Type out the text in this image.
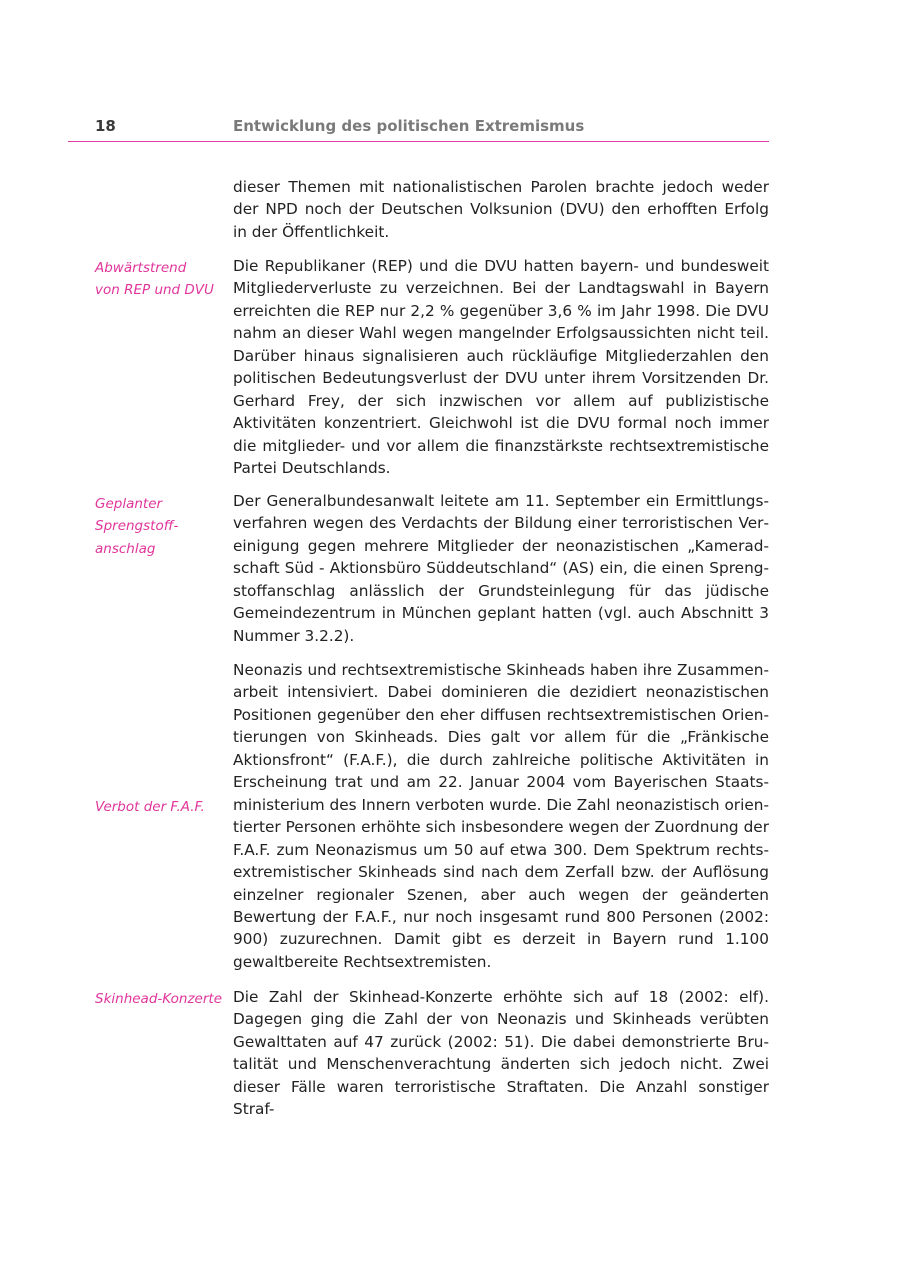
18	Entwicklung des politischen Extremismus

dieser Themen mit nationalistischen Parolen brachte jedoch weder der NPD noch der Deutschen Volksunion (DVU) den erhofften Erfolg in der Öffentlichkeit.

Abwärtstrend
von REP und DVU

Die Republikaner (REP) und die DVU hatten bayern- und bundesweit Mitgliederverluste zu verzeichnen. Bei der Landtagswahl in Bayern erreichten die REP nur 2,2 % gegenüber 3,6 % im Jahr 1998. Die DVU nahm an dieser Wahl wegen mangelnder Erfolgsaussichten nicht teil. Darüber hinaus signalisieren auch rückläufige Mitgliederzahlen den politischen Bedeutungsverlust der DVU unter ihrem Vorsitzenden Dr. Gerhard Frey, der sich inzwischen vor allem auf publizistische Aktivitäten konzentriert. Gleichwohl ist die DVU formal noch immer die mitglieder- und vor allem die finanzstärkste rechtsextremistische Partei Deutschlands.

Geplanter
Sprengstoff-
anschlag

Der Generalbundesanwalt leitete am 11. September ein Ermittlungsverfahren wegen des Verdachts der Bildung einer terroristischen Vereinigung gegen mehrere Mitglieder der neonazistischen „Kameradschaft Süd - Aktionsbüro Süddeutschland“ (AS) ein, die einen Sprengstoffanschlag anlässlich der Grundsteinlegung für das jüdische Gemeindezentrum in München geplant hatten (vgl. auch Abschnitt 3 Nummer 3.2.2).

Neonazis und rechtsextremistische Skinheads haben ihre Zusammenarbeit intensiviert. Dabei dominieren die dezidiert neonazistischen Positionen gegenüber den eher diffusen rechtsextremistischen Orientierungen von Skinheads. Dies galt vor allem für die „Fränkische Aktionsfront“ (F.A.F.), die durch zahlreiche politische Aktivitäten in Erscheinung trat und am 22. Januar 2004 vom Bayerischen Staatsministerium des Innern verboten wurde. Die Zahl neonazistisch orientierter Personen erhöhte sich insbesondere wegen der Zuordnung der F.A.F. zum Neonazismus um 50 auf etwa 300. Dem Spektrum rechtsextremistischer Skinheads sind nach dem Zerfall bzw. der Auflösung einzelner regionaler Szenen, aber auch wegen der geänderten Bewertung der F.A.F., nur noch insgesamt rund 800 Personen (2002: 900) zuzurechnen. Damit gibt es derzeit in Bayern rund 1.100 gewaltbereite Rechtsextremisten.

Verbot der F.A.F.
Skinhead-Konzerte Die Zahl der Skinhead-Konzerte erhöhte sich auf 18 (2002: elf). Dagegen ging die Zahl der von Neonazis und Skinheads verübten Gewalttaten auf 47 zurück (2002: 51). Die dabei demonstrierte Brutalität und Menschenverachtung änderten sich jedoch nicht. Zwei dieser Fälle waren terroristische Straftaten. Die Anzahl sonstiger Straf-
